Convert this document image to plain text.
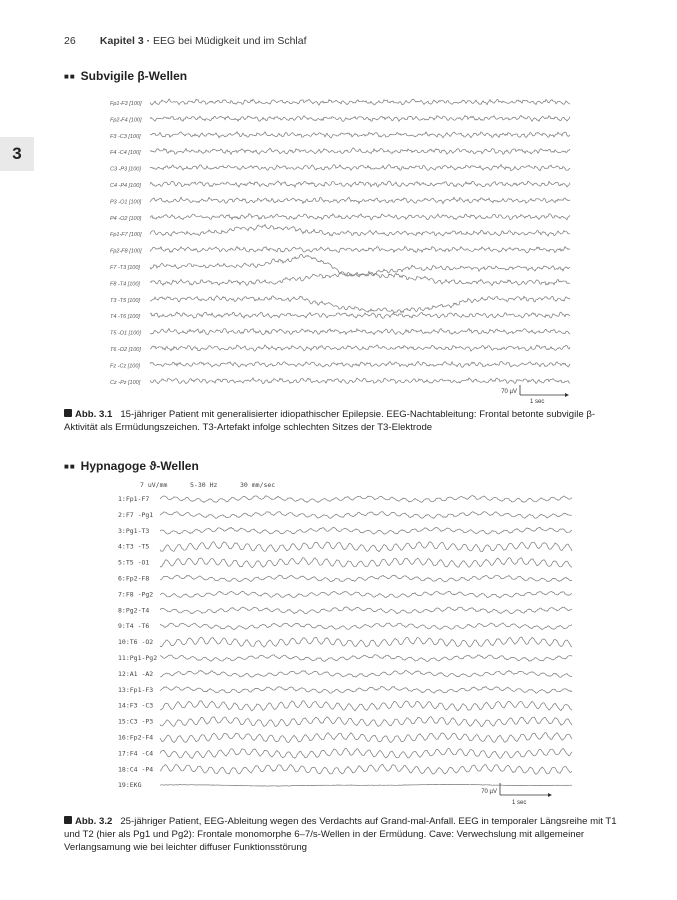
26 Kapitel 3 · EEG bei Müdigkeit und im Schlaf
3
■■ Subvigile β-Wellen
Fp1-F3 [100]
Fp2-F4 [100]
F3 -C3 [100]
F4 -C4 [100]
C3 -P3 [100]
C4 -P4 [100]
P3 -O1 [100]
P4 -O2 [100]
Fp1-F7 [100]
Fp2-F8 [100]
F7 -T3 [100]
F8 -T4 [100]
T3 -T5 [100]
T4 -T6 [100]
T5 -O1 [100]
T6 -O2 [100]
Fz -Cz [100]
Cz -Pz [100]
70 µV
1 sec
Abb. 3.1 15-jähriger Patient mit generalisierter idiopathischer Epilepsie. EEG-Nachtableitung: Frontal betonte subvigile β-Aktivität als Ermüdungszeichen. T3-Artefakt infolge schlechten Sitzes der T3-Elektrode
■■ Hypnagoge ϑ-Wellen
7 uV/mm	5-30 Hz	30 mm/sec
1:Fp1-F7
2:F7 -Pg1
3:Pg1-T3
4:T3 -T5
5:T5 -O1
6:Fp2-F8
7:F8 -Pg2
8:Pg2-T4
9:T4 -T6
10:T6 -O2
11:Pg1-Pg2
12:A1 -A2
13:Fp1-F3
14:F3 -C3
15:C3 -P3
16:Fp2-F4
17:F4 -C4
18:C4 -P4
19:EKG
70 µV
1 sec
Abb. 3.2 25-jähriger Patient, EEG-Ableitung wegen des Verdachts auf Grand-mal-Anfall. EEG in temporaler Längsreihe mit T1 und T2 (hier als Pg1 und Pg2): Frontale monomorphe 6–7/s-Wellen in der Ermüdung. Cave: Verwechslung mit allgemeiner Verlangsamung wie bei leichter diffuser Funktionsstörung
